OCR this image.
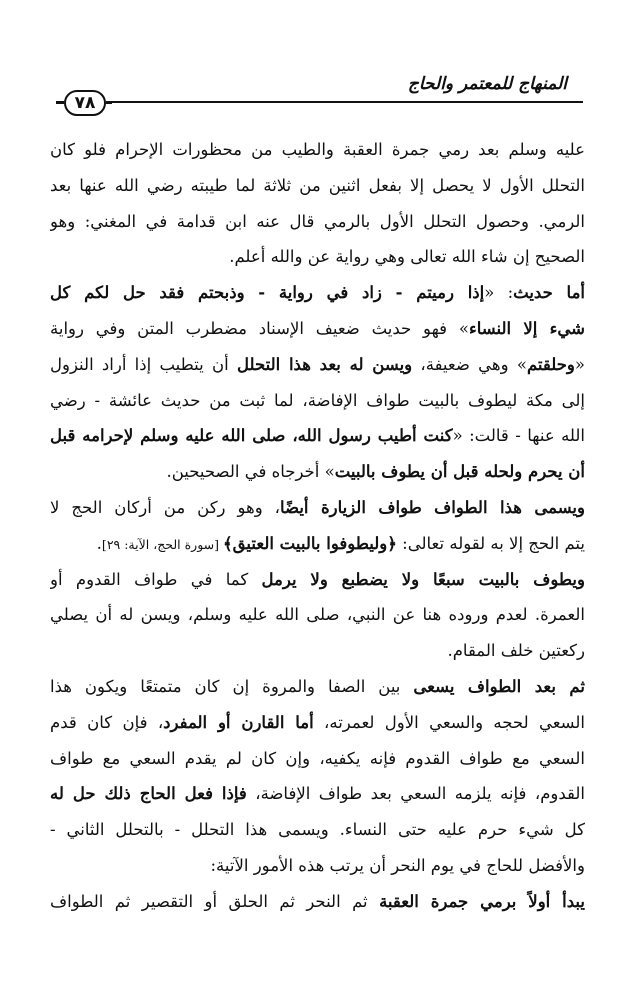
المنهاج للمعتمر والحاج
٧٨
عليه وسلم بعد رمي جمرة العقبة والطيب من محظورات الإحرام فلو كان
التحلل الأول لا يحصل إلا بفعل اثنين من ثلاثة لما طيبته رضي الله عنها بعد
الرمي. وحصول التحلل الأول بالرمي قال عنه ابن قدامة في المغني: وهو
الصحيح إن شاء الله تعالى وهي رواية عن والله أعلم.
أما حديث: «إذا رميتم - زاد في رواية - وذبحتم فقد حل لكم كل
شيء إلا النساء» فهو حديث ضعيف الإسناد مضطرب المتن وفي رواية
«وحلقتم» وهي ضعيفة، ويسن له بعد هذا التحلل أن يتطيب إذا أراد النزول
إلى مكة ليطوف بالبيت طواف الإفاضة، لما ثبت من حديث عائشة - رضي
الله عنها - قالت: «كنت أطيب رسول الله، صلى الله عليه وسلم لإحرامه قبل
أن يحرم ولحله قبل أن يطوف بالبيت» أخرجاه في الصحيحين.
ويسمى هذا الطواف طواف الزيارة أيضًا، وهو ركن من أركان الحج لا
يتم الحج إلا به لقوله تعالى: ﴿وليطوفوا بالبيت العتيق﴾ [سورة الحج، الآية: ٢٩].
ويطوف بالبيت سبعًا ولا يضطبع ولا يرمل كما في طواف القدوم أو
العمرة. لعدم وروده هنا عن النبي، صلى الله عليه وسلم، ويسن له أن يصلي
ركعتين خلف المقام.
ثم بعد الطواف يسعى بين الصفا والمروة إن كان متمتعًا ويكون هذا
السعي لحجه والسعي الأول لعمرته، أما القارن أو المفرد، فإن كان قدم
السعي مع طواف القدوم فإنه يكفيه، وإن كان لم يقدم السعي مع طواف
القدوم، فإنه يلزمه السعي بعد طواف الإفاضة، فإذا فعل الحاج ذلك حل له
كل شيء حرم عليه حتى النساء. ويسمى هذا التحلل - بالتحلل الثاني -
والأفضل للحاج في يوم النحر أن يرتب هذه الأمور الآتية:
يبدأ أولاً برمي جمرة العقبة ثم النحر ثم الحلق أو التقصير ثم الطواف
